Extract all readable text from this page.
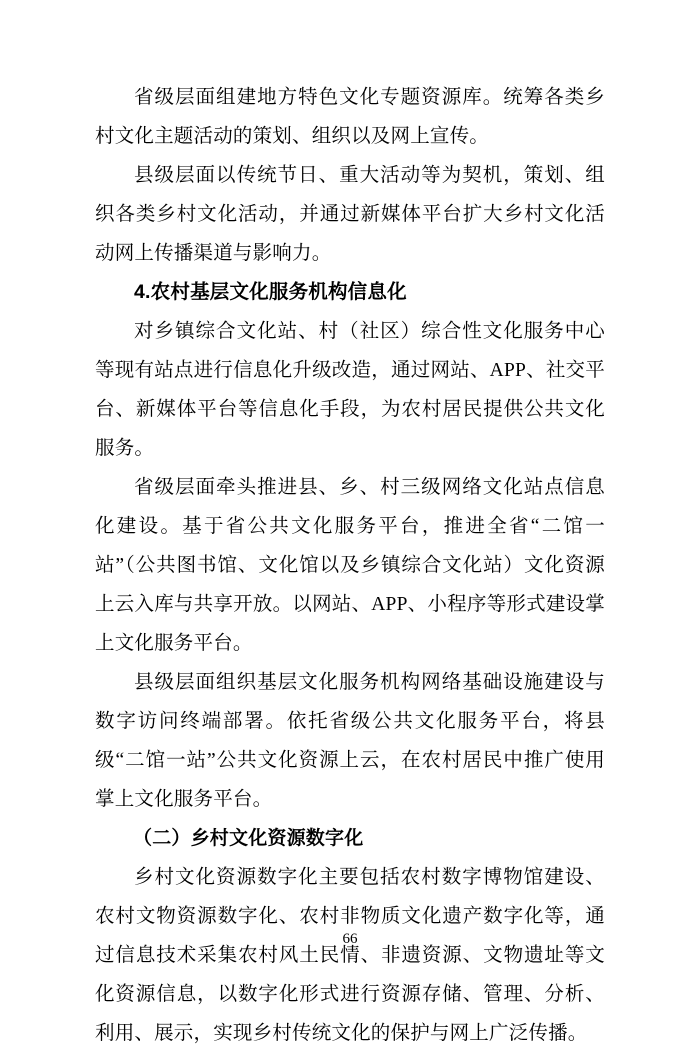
省级层面组建地方特色文化专题资源库。统筹各类乡村文化主题活动的策划、组织以及网上宣传。

县级层面以传统节日、重大活动等为契机，策划、组织各类乡村文化活动，并通过新媒体平台扩大乡村文化活动网上传播渠道与影响力。

4.农村基层文化服务机构信息化

对乡镇综合文化站、村（社区）综合性文化服务中心等现有站点进行信息化升级改造，通过网站、APP、社交平台、新媒体平台等信息化手段，为农村居民提供公共文化服务。

省级层面牵头推进县、乡、村三级网络文化站点信息化建设。基于省公共文化服务平台，推进全省“二馆一站”（公共图书馆、文化馆以及乡镇综合文化站）文化资源上云入库与共享开放。以网站、APP、小程序等形式建设掌上文化服务平台。

县级层面组织基层文化服务机构网络基础设施建设与数字访问终端部署。依托省级公共文化服务平台，将县级“二馆一站”公共文化资源上云，在农村居民中推广使用掌上文化服务平台。

（二）乡村文化资源数字化

乡村文化资源数字化主要包括农村数字博物馆建设、农村文物资源数字化、农村非物质文化遗产数字化等，通过信息技术采集农村风土民情、非遗资源、文物遗址等文化资源信息，以数字化形式进行资源存储、管理、分析、利用、展示，实现乡村传统文化的保护与网上广泛传播。

66
